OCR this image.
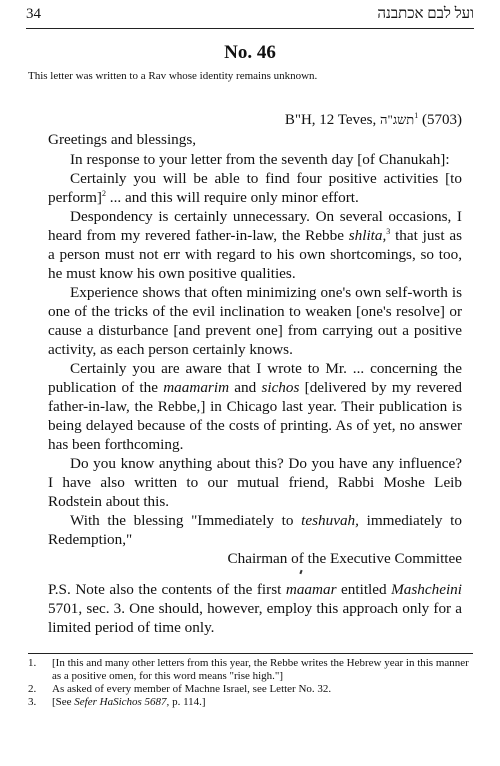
34	ועל לבם אכתבנה
No. 46
This letter was written to a Rav whose identity remains unknown.
B"H, 12 Teves, תשג"ה$^1$ (5703)

Greetings and blessings,

In response to your letter from the seventh day [of Chanukah]:

Certainly you will be able to find four positive activities [to perform]$^2$ ... and this will require only minor effort.

Despondency is certainly unnecessary. On several occasions, I heard from my revered father-in-law, the Rebbe shlita,$^3$ that just as a person must not err with regard to his own shortcomings, so too, he must know his own positive qualities.

Experience shows that often minimizing one's own self-worth is one of the tricks of the evil inclination to weaken [one's resolve] or cause a disturbance [and prevent one] from carrying out a positive activity, as each person certainly knows.

Certainly you are aware that I wrote to Mr. ... concerning the publication of the maamarim and sichos [delivered by my revered father-in-law, the Rebbe,] in Chicago last year. Their publication is being delayed because of the costs of printing. As of yet, no answer has been forthcoming.

Do you know anything about this? Do you have any influence? I have also written to our mutual friend, Rabbi Moshe Leib Rodstein about this.

With the blessing "Immediately to teshuvah, immediately to Redemption,"

Chairman of the Executive Committee

P.S. Note also the contents of the first maamar entitled Mashcheini 5701, sec. 3. One should, however, employ this approach only for a limited period of time only.

1.	[In this and many other letters from this year, the Rebbe writes the Hebrew year in this manner as a positive omen, for this word means "rise high."]
2.	As asked of every member of Machne Israel, see Letter No. 32.
3.	[See Sefer HaSichos 5687, p. 114.]
